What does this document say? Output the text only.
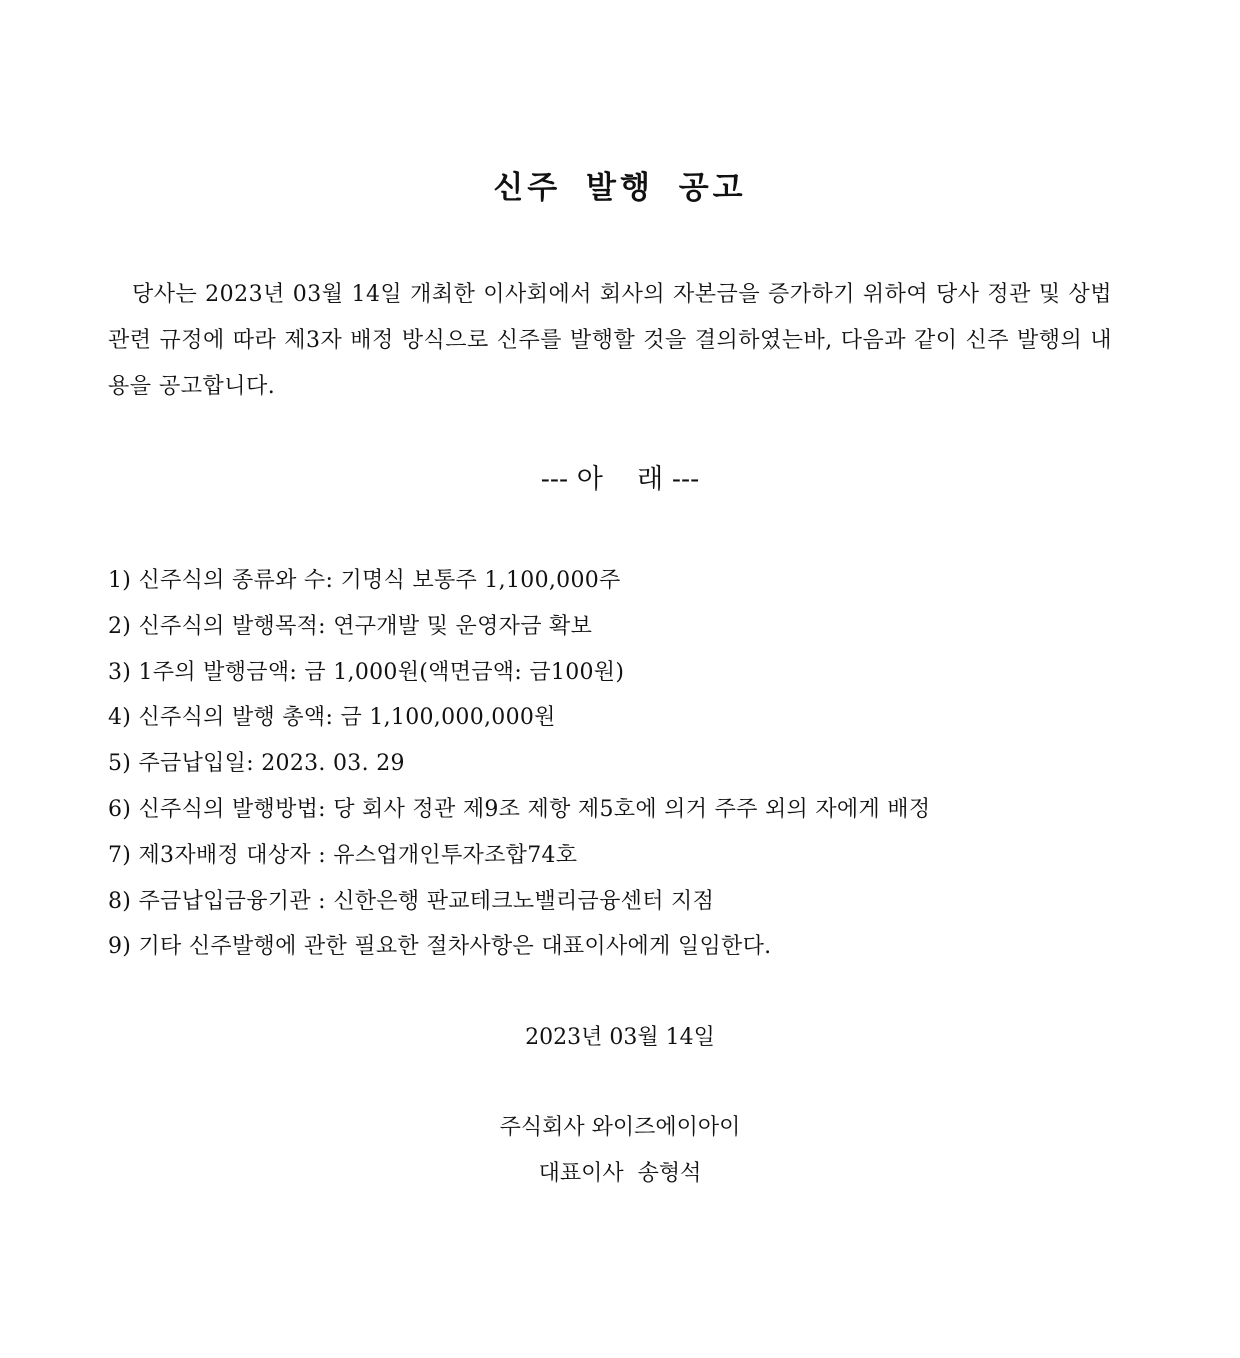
신주 발행 공고

당사는 2023년 03월 14일 개최한 이사회에서 회사의 자본금을 증가하기 위하여 당사 정관 및 상법 관련 규정에 따라 제3자 배정 방식으로 신주를 발행할 것을 결의하였는바, 다음과 같이 신주 발행의 내용을 공고합니다.

--- 아    래 ---
1) 신주식의 종류와 수: 기명식 보통주 1,100,000주
2) 신주식의 발행목적: 연구개발 및 운영자금 확보
3) 1주의 발행금액: 금 1,000원(액면금액: 금100원)
4) 신주식의 발행 총액: 금 1,100,000,000원
5) 주금납입일: 2023. 03. 29
6) 신주식의 발행방법: 당 회사 정관 제9조 제항 제5호에 의거 주주 외의 자에게 배정
7) 제3자배정 대상자 : 유스업개인투자조합74호
8) 주금납입금융기관 : 신한은행 판교테크노밸리금융센터 지점
9) 기타 신주발행에 관한 필요한 절차사항은 대표이사에게 일임한다.
2023년 03월 14일
주식회사 와이즈에이아이
대표이사  송형석
